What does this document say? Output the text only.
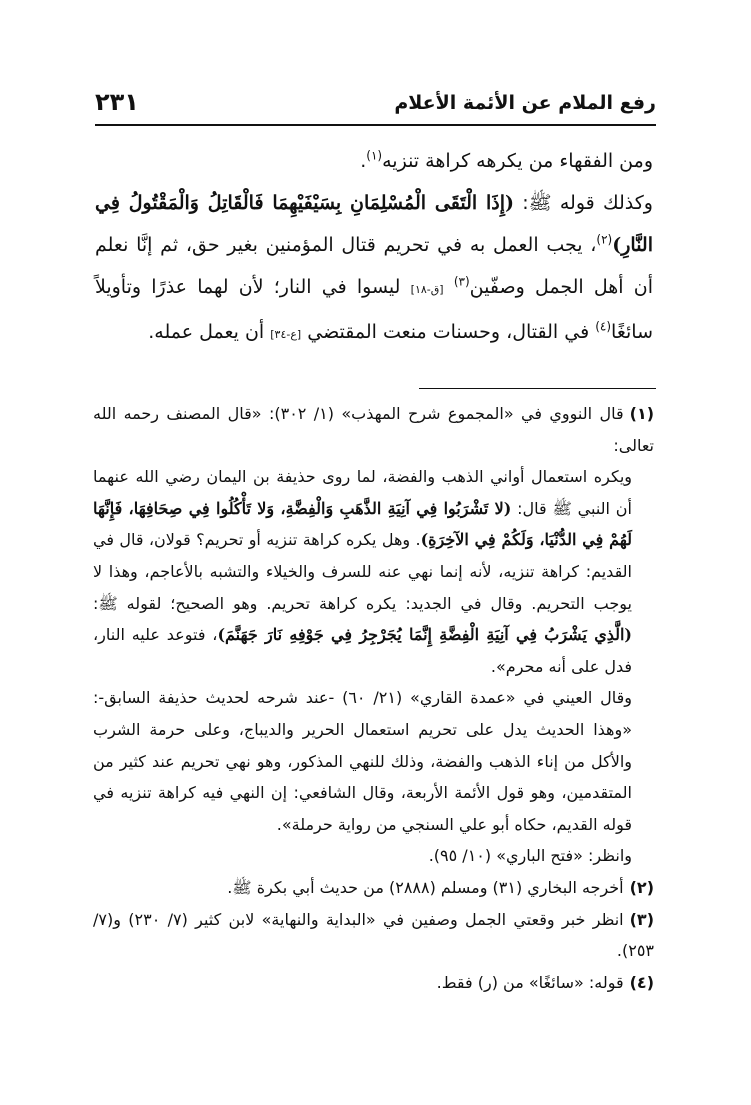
رفع الملام عن الأئمة الأعلام
٢٣١

ومن الفقهاء من يكرهه كراهة تنزيه$^{(١)}$.

وكذلك قوله ﷺ: (إِذَا الْتَقَى الْمُسْلِمَانِ بِسَيْفَيْهِمَا فَالْقَاتِلُ وَالْمَقْتُولُ فِي النَّارِ)$^{(٢)}$، يجب العمل به في تحريم قتال المؤمنين بغير حق، ثم إنَّا نعلم أن أهل الجمل وصفّين$^{(٣)}$ [ق-١٨] ليسوا في النار؛ لأن لهما عذرًا وتأويلاً سائغًا$^{(٤)}$ في القتال، وحسنات منعت المقتضي [ع-٣٤] أن يعمل عمله.

(١)قال النووي في «المجموع شرح المهذب» (١/ ٣٠٢): «قال المصنف رحمه الله تعالى:

ويكره استعمال أواني الذهب والفضة، لما روى حذيفة بن اليمان رضي الله عنهما أن النبي ﷺ قال: (لا تَشْرَبُوا فِي آنِيَةِ الذَّهَبِ وَالْفِضَّةِ، وَلا تَأْكُلُوا فِي صِحَافِهَا، فَإِنَّهَا لَهُمْ فِي الدُّنْيَا، وَلَكُمْ فِي الآخِرَةِ). وهل يكره كراهة تنزيه أو تحريم؟ قولان، قال في القديم: كراهة تنزيه، لأنه إنما نهي عنه للسرف والخيلاء والتشبه بالأعاجم، وهذا لا يوجب التحريم. وقال في الجديد: يكره كراهة تحريم. وهو الصحيح؛ لقوله ﷺ: (الَّذِي يَشْرَبُ فِي آنِيَةِ الْفِضَّةِ إِنَّمَا يُجَرْجِرُ فِي جَوْفِهِ نَارَ جَهَنَّمَ)، فتوعد عليه النار، فدل على أنه محرم».

وقال العيني في «عمدة القاري» (٢١/ ٦٠) -عند شرحه لحديث حذيفة السابق-: «وهذا الحديث يدل على تحريم استعمال الحرير والديباج، وعلى حرمة الشرب والأكل من إناء الذهب والفضة، وذلك للنهي المذكور، وهو نهي تحريم عند كثير من المتقدمين، وهو قول الأئمة الأربعة، وقال الشافعي: إن النهي فيه كراهة تنزيه في قوله القديم، حكاه أبو علي السنجي من رواية حرملة».

وانظر: «فتح الباري» (١٠/ ٩٥).

(٢)أخرجه البخاري (٣١) ومسلم (٢٨٨٨) من حديث أبي بكرة ﷺ.

(٣)انظر خبر وقعتي الجمل وصفين في «البداية والنهاية» لابن كثير (٧/ ٢٣٠) و(٧/ ٢٥٣).

(٤)قوله: «سائغًا» من (ر) فقط.
